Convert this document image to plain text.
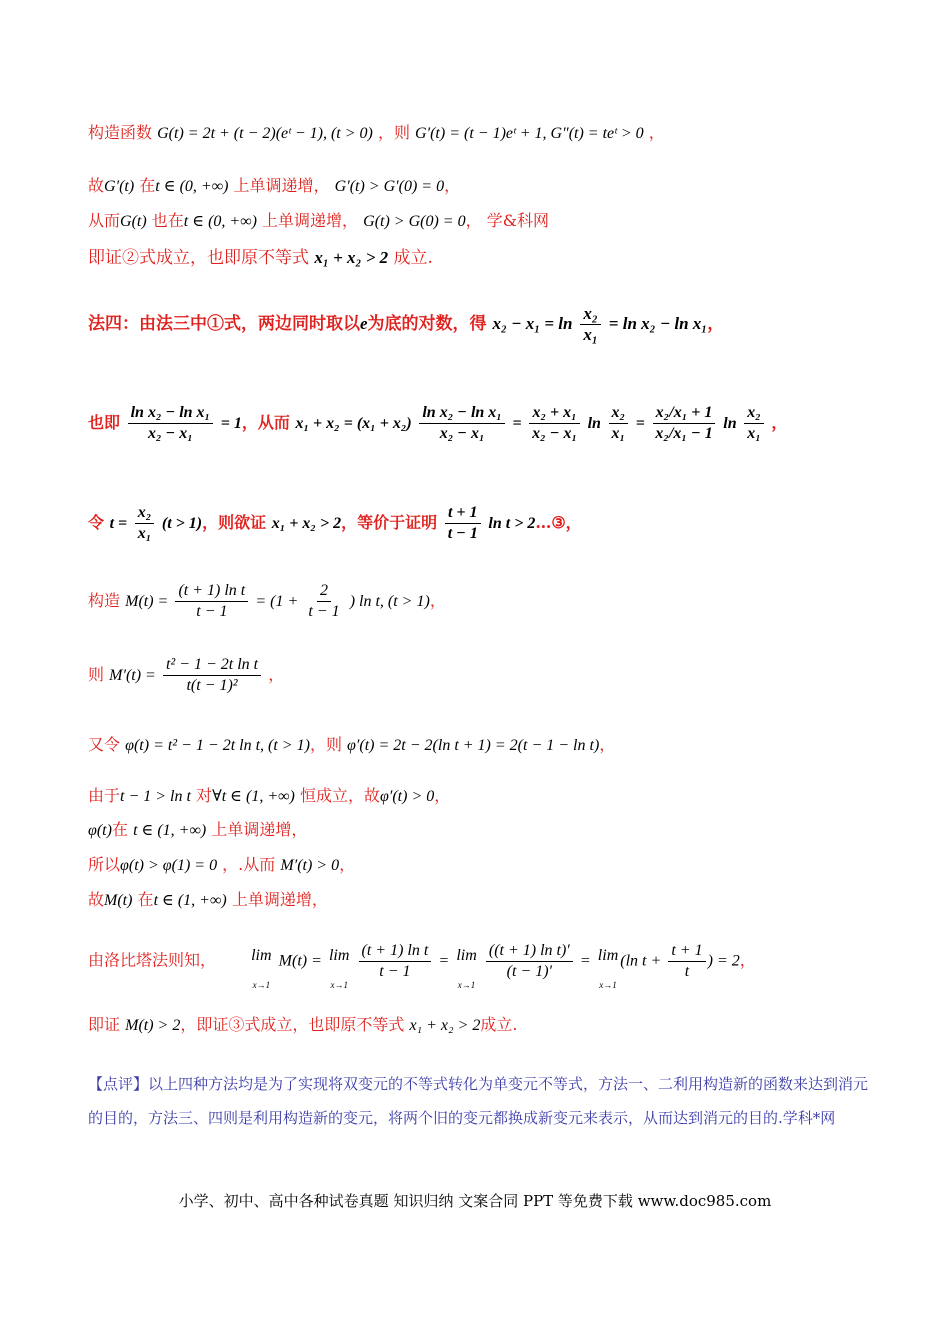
构造函数 G(t) = 2t + (t − 2)(eᵗ − 1), (t > 0) ，则 G′(t) = (t − 1)eᵗ + 1, G″(t) = teᵗ > 0 ，
故G′(t) 在t ∈ (0, +∞) 上单调递增， G′(t) > G′(0) = 0，
从而G(t) 也在t ∈ (0, +∞) 上单调递增， G(t) > G(0) = 0， 学&科网
即证②式成立，也即原不等式 x₁ + x₂ > 2 成立.
法四：由法三中①式，两边同时取以e为底的对数，得 $x_2 - x_1 = \ln \frac{\text{x₂}}{\text{x₁}} = \ln x_2 - \ln x_1$，
也即 $\frac{\text{ln x₂ − ln x₁}}{\text{x₂ − x₁}} = 1$，从而 $x_1 + x_2 = (x_1 + x_2) \frac{\text{ln x₂ − ln x₁}}{\text{x₂ − x₁}} = \frac{\text{x₂ + x₁}}{\text{x₂ − x₁}}$ $\ln \frac{\text{x₂}}{\text{x₁}} = \frac{\text{x₂/x₁ + 1}}{\text{x₂/x₁ − 1}}$ $\ln \frac{\text{x₂}}{\text{x₁}}$ ，
令 $t = \frac{\text{x₂}}{\text{x₁}} (t > 1)$，则欲证 x₁ + x₂ > 2，等价于证明 $\frac{t + 1}{t - 1}$ ln t > 2…③，
构造 $M(t) = \frac{\text{(t + 1) ln t}}{t - 1} = (1 + \frac{2}{t - 1}$ ) ln t, (t > 1)，
则 $M'(t) = \frac{\text{t² − 1 − 2t ln t}}{\text{t(t − 1)²}}$ ，
又令 φ(t) = t² − 1 − 2t ln t, (t > 1)，则 φ′(t) = 2t − 2(ln t + 1) = 2(t − 1 − ln t)，
由于t − 1 > ln t 对∀t ∈ (1, +∞) 恒成立，故φ′(t) > 0，
φ(t)在 t ∈ (1, +∞) 上单调递增，
所以φ(t) > φ(1) = 0 ，.从而 M′(t) > 0，
故M(t) 在t ∈ (1, +∞) 上单调递增，
由洛比塔法则知， lim
x→1
M(t) = lim
x→1

$\frac{\text{(t + 1) ln t}}{t - 1} = \lim$
x→1

$\frac{\text{((t + 1) ln t)′}}{(t - 1)'} = \lim$
x→1
(ln $t + \frac{t + 1}{t}$ ) = 2，
即证 M(t) > 2，即证③式成立，也即原不等式 x₁ + x₂ > 2成立.
【点评】以上四种方法均是为了实现将双变元的不等式转化为单变元不等式，方法一、二利用构造新的函数来达到消元的目的，方法三、四则是利用构造新的变元，将两个旧的变元都换成新变元来表示，从而达到消元的目的.学科*网
小学、初中、高中各种试卷真题 知识归纳 文案合同 PPT 等免费下载 www.doc985.com
